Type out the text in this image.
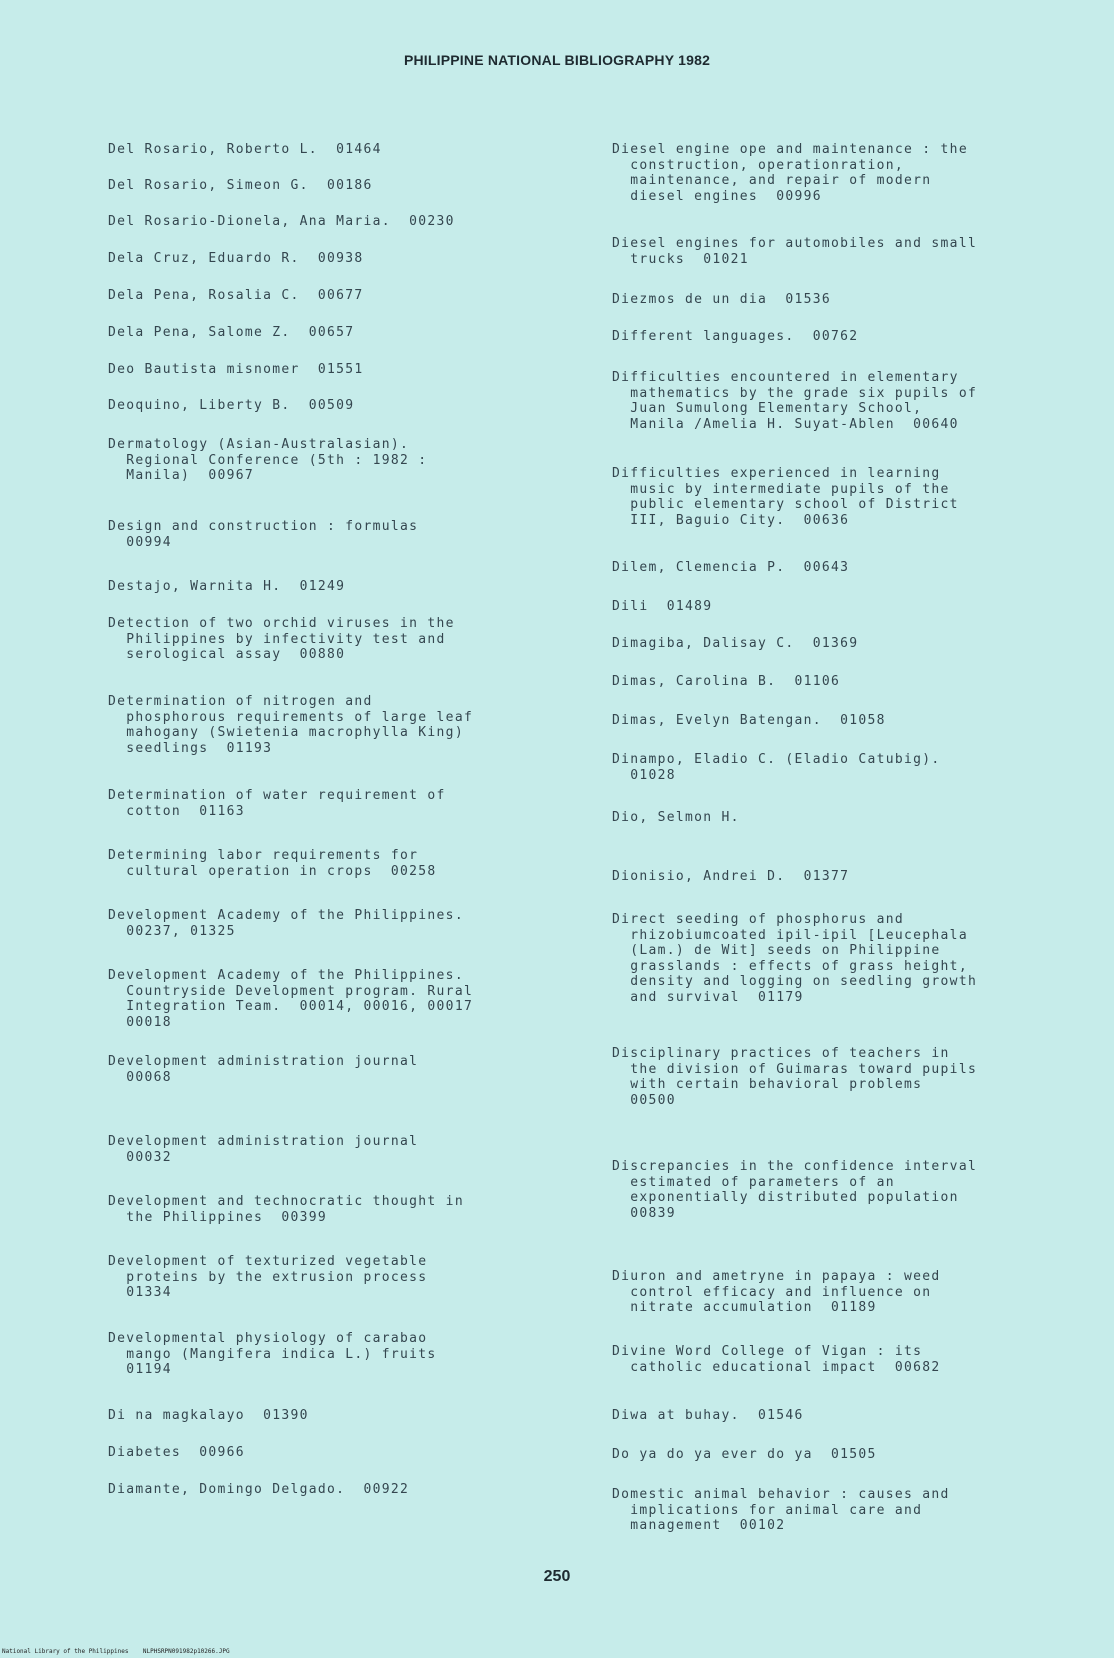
PHILIPPINE NATIONAL BIBLIOGRAPHY 1982
Del Rosario, Roberto L.  01464
Del Rosario, Simeon G.  00186
Del Rosario-Dionela, Ana Maria.  00230
Dela Cruz, Eduardo R.  00938
Dela Pena, Rosalia C.  00677
Dela Pena, Salome Z.  00657
Deo Bautista misnomer  01551
Deoquino, Liberty B.  00509
Dermatology (Asian-Australasian).
Regional Conference (5th : 1982 :
Manila)  00967
Design and construction : formulas
00994
Destajo, Warnita H.  01249
Detection of two orchid viruses in the
Philippines by infectivity test and
serological assay  00880
Determination of nitrogen and
phosphorous requirements of large leaf
mahogany (Swietenia macrophylla King)
seedlings  01193
Determination of water requirement of
cotton  01163
Determining labor requirements for
cultural operation in crops  00258
Development Academy of the Philippines.
00237, 01325
Development Academy of the Philippines.
Countryside Development program. Rural
Integration Team.  00014, 00016, 00017
00018
Development administration journal
00068
Development administration journal
00032
Development and technocratic thought in
the Philippines  00399
Development of texturized vegetable
proteins by the extrusion process
01334
Developmental physiology of carabao
mango (Mangifera indica L.) fruits
01194
Di na magkalayo  01390
Diabetes  00966
Diamante, Domingo Delgado.  00922
Diesel engine ope and maintenance : the
construction, operationration,
maintenance, and repair of modern
diesel engines  00996
Diesel engines for automobiles and small
trucks  01021
Diezmos de un dia  01536
Different languages.  00762
Difficulties encountered in elementary
mathematics by the grade six pupils of
Juan Sumulong Elementary School,
Manila /Amelia H. Suyat-Ablen  00640
Difficulties experienced in learning
music by intermediate pupils of the
public elementary school of District
III, Baguio City.  00636
Dilem, Clemencia P.  00643
Dili  01489
Dimagiba, Dalisay C.  01369
Dimas, Carolina B.  01106
Dimas, Evelyn Batengan.  01058
Dinampo, Eladio C. (Eladio Catubig).
01028
Dio, Selmon H.
Dionisio, Andrei D.  01377
Direct seeding of phosphorus and
rhizobiumcoated ipil-ipil [Leucephala
(Lam.) de Wit] seeds on Philippine
grasslands : effects of grass height,
density and logging on seedling growth
and survival  01179
Disciplinary practices of teachers in
the division of Guimaras toward pupils
with certain behavioral problems
00500
Discrepancies in the confidence interval
estimated of parameters of an
exponentially distributed population
00839
Diuron and ametryne in papaya : weed
control efficacy and influence on
nitrate accumulation  01189
Divine Word College of Vigan : its
catholic educational impact  00682
Diwa at buhay.  01546
Do ya do ya ever do ya  01505
Domestic animal behavior : causes and
implications for animal care and
management  00102
250
National Library of the Philippines    NLPHSRPN091982p10266.JPG
